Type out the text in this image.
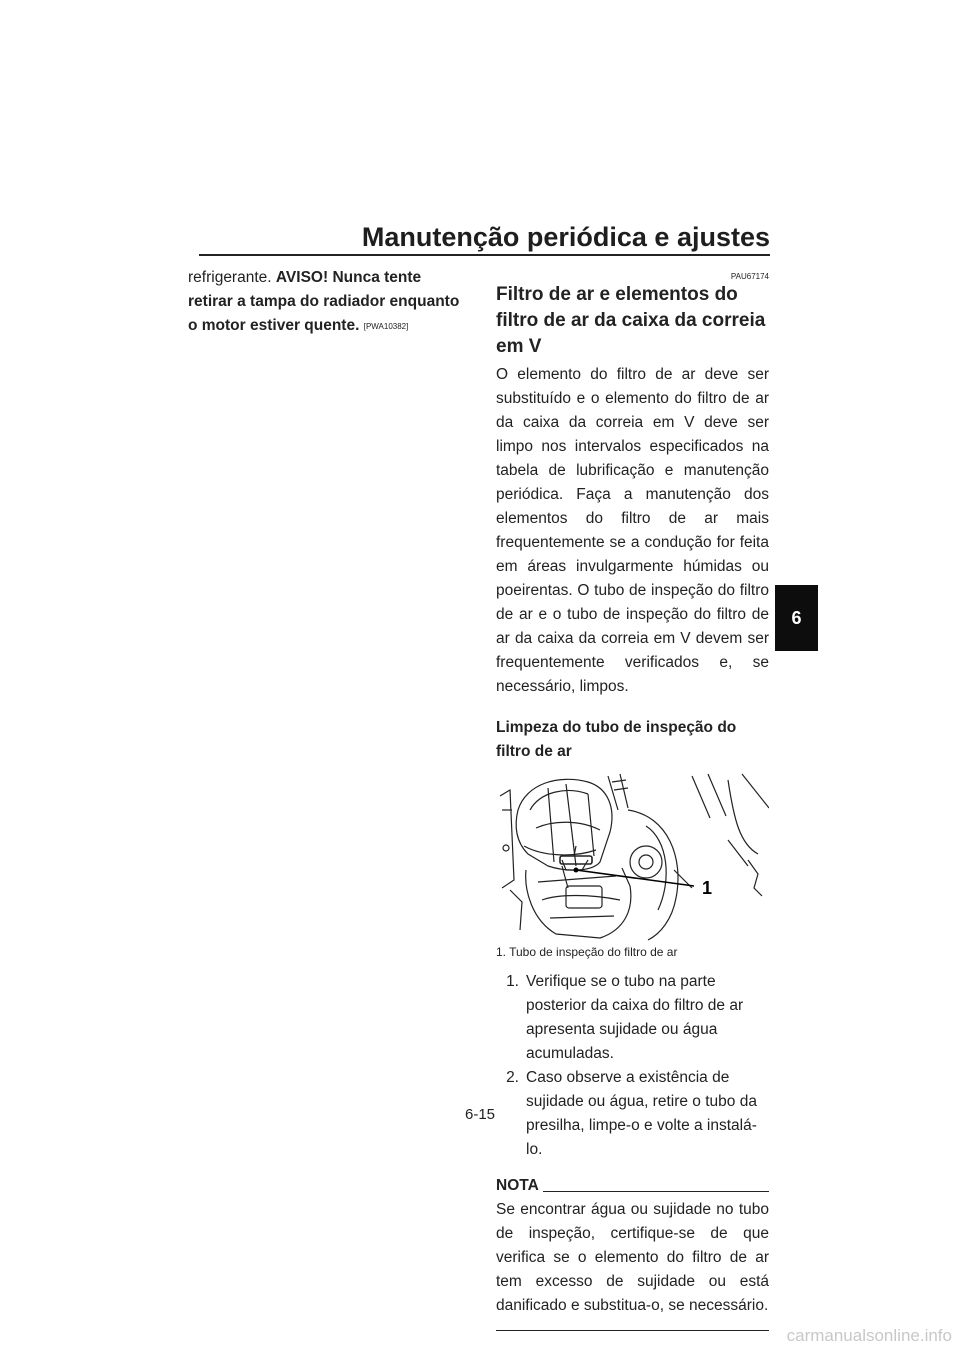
Manutenção periódica e ajustes
6
refrigerante. AVISO! Nunca tente retirar a tampa do radiador enquanto o motor estiver quente. [PWA10382]
PAU67174
Filtro de ar e elementos do filtro de ar da caixa da correia em V

O elemento do filtro de ar deve ser substituído e o elemento do filtro de ar da caixa da correia em V deve ser limpo nos intervalos especificados na tabela de lubrificação e manutenção periódica. Faça a manutenção dos elementos do filtro de ar mais frequentemente se a condução for feita em áreas invulgarmente húmidas ou poeirentas. O tubo de inspeção do filtro de ar e o tubo de inspeção do filtro de ar da caixa da correia em V devem ser frequentemente verificados e, se necessário, limpos.

Limpeza do tubo de inspeção do filtro de ar
1
1. Tubo de inspeção do filtro de ar
1. Verifique se o tubo na parte posterior da caixa do filtro de ar apresenta sujidade ou água acumuladas.
2. Caso observe a existência de sujidade ou água, retire o tubo da presilha, limpe-o e volte a instalá-lo.
NOTA

Se encontrar água ou sujidade no tubo de inspeção, certifique-se de que verifica se o elemento do filtro de ar tem excesso de sujidade ou está danificado e substitua-o, se necessário.

6-15
carmanualsonline.info
